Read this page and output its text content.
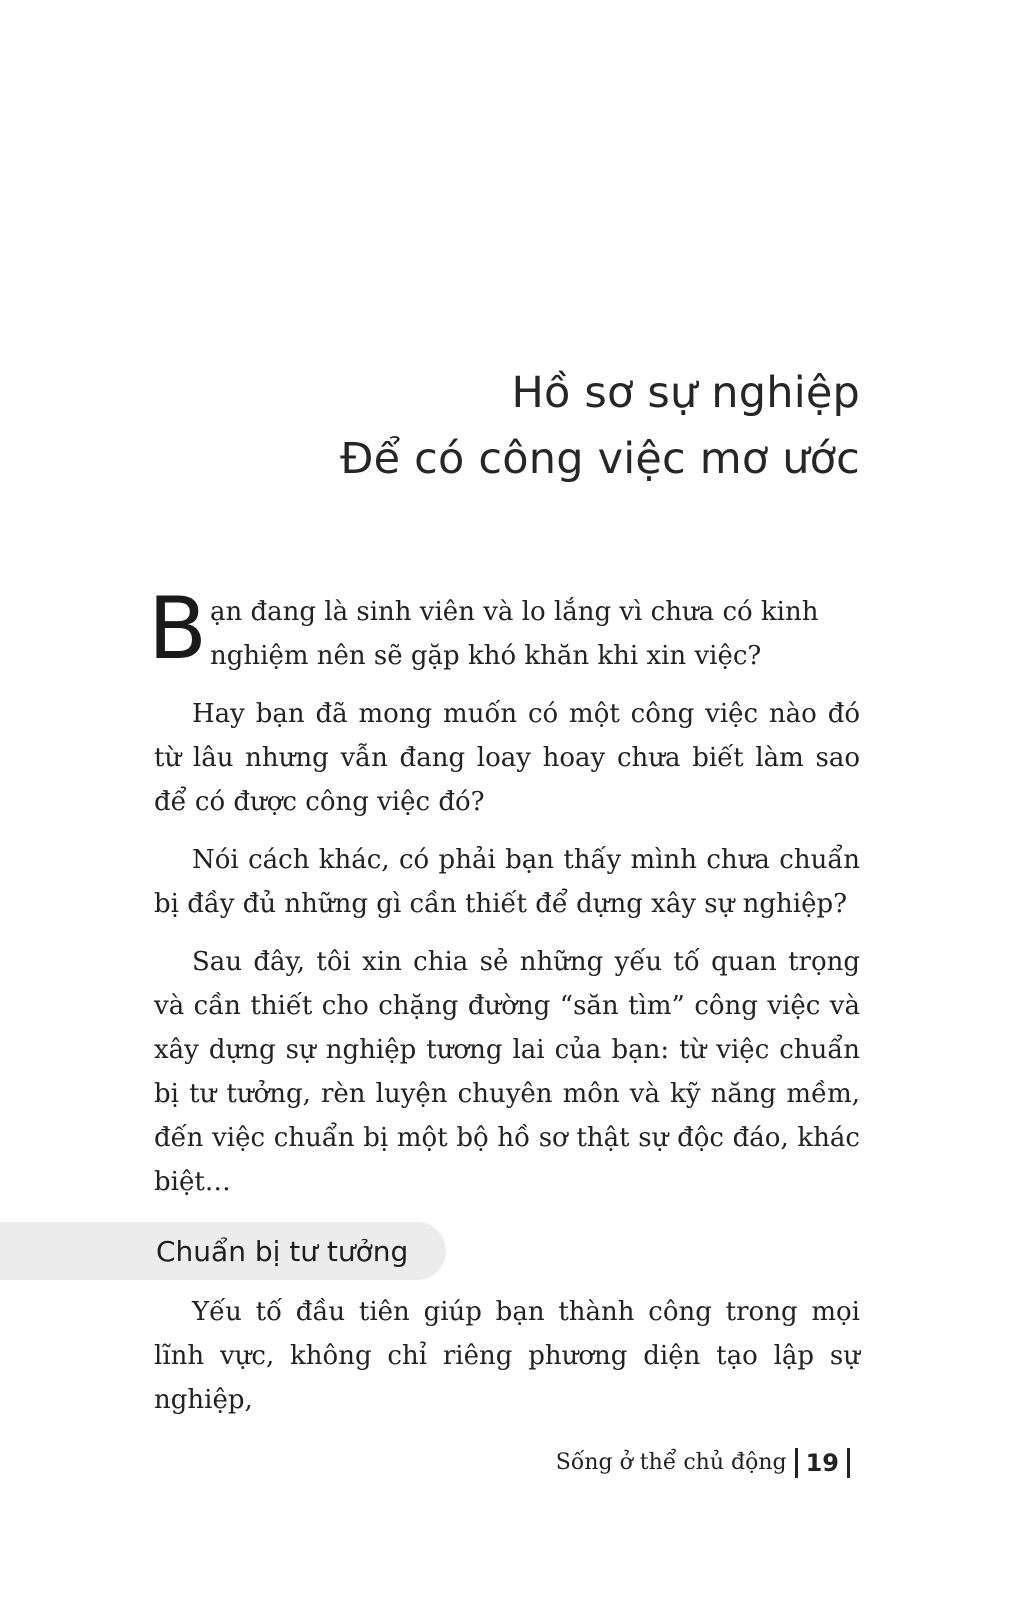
Hồ sơ sự nghiệp
Để có công việc mơ ước

B ạn đang là sinh viên và lo lắng vì chưa có kinh nghiệm nên sẽ gặp khó khăn khi xin việc?

Hay bạn đã mong muốn có một công việc nào đó từ lâu nhưng vẫn đang loay hoay chưa biết làm sao để có được công việc đó?

Nói cách khác, có phải bạn thấy mình chưa chuẩn bị đầy đủ những gì cần thiết để dựng xây sự nghiệp?

Sau đây, tôi xin chia sẻ những yếu tố quan trọng và cần thiết cho chặng đường “săn tìm” công việc và xây dựng sự nghiệp tương lai của bạn: từ việc chuẩn bị tư tưởng, rèn luyện chuyên môn và kỹ năng mềm, đến việc chuẩn bị một bộ hồ sơ thật sự độc đáo, khác biệt…

Chuẩn bị tư tưởng

Yếu tố đầu tiên giúp bạn thành công trong mọi lĩnh vực, không chỉ riêng phương diện tạo lập sự nghiệp,

Sống ở thể chủ động 19
